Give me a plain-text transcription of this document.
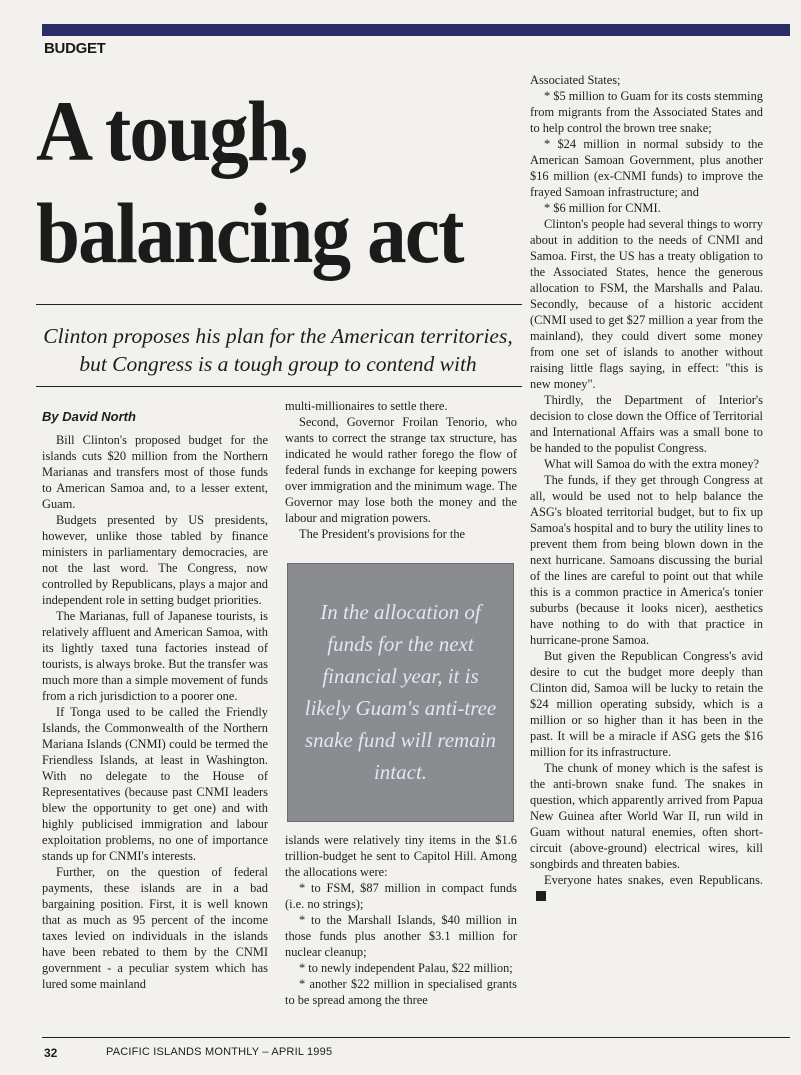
BUDGET
A tough, balancing act
Clinton proposes his plan for the American territories, but Congress is a tough group to contend with
By David North

Bill Clinton's proposed budget for the islands cuts $20 million from the Northern Marianas and transfers most of those funds to American Samoa and, to a lesser extent, Guam.

Budgets presented by US presidents, however, unlike those tabled by finance ministers in parliamentary democracies, are not the last word. The Congress, now controlled by Republicans, plays a major and independent role in setting budget priorities.

The Marianas, full of Japanese tourists, is relatively affluent and American Samoa, with its lightly taxed tuna factories instead of tourists, is always broke. But the transfer was much more than a simple movement of funds from a rich jurisdiction to a poorer one.

If Tonga used to be called the Friendly Islands, the Commonwealth of the Northern Mariana Islands (CNMI) could be termed the Friendless Islands, at least in Washington. With no delegate to the House of Representatives (because past CNMI leaders blew the opportunity to get one) and with highly publicised immigration and labour exploitation problems, no one of importance stands up for CNMI's interests.

Further, on the question of federal payments, these islands are in a bad bargaining position. First, it is well known that as much as 95 percent of the income taxes levied on individuals in the islands have been rebated to them by the CNMI government - a peculiar system which has lured some mainland

multi-millionaires to settle there.

Second, Governor Froilan Tenorio, who wants to correct the strange tax structure, has indicated he would rather forego the flow of federal funds in exchange for keeping powers over immigration and the minimum wage. The Governor may lose both the money and the labour and migration powers.

The President's provisions for the

In the allocation of funds for the next financial year, it is likely Guam's anti-tree snake fund will remain intact.

islands were relatively tiny items in the $1.6 trillion-budget he sent to Capitol Hill. Among the allocations were:

* to FSM, $87 million in compact funds (i.e. no strings);

* to the Marshall Islands, $40 million in those funds plus another $3.1 million for nuclear cleanup;

* to newly independent Palau, $22 million;

* another $22 million in specialised grants to be spread among the three

Associated States;

* $5 million to Guam for its costs stemming from migrants from the Associated States and to help control the brown tree snake;

* $24 million in normal subsidy to the American Samoan Government, plus another $16 million (ex-CNMI funds) to improve the frayed Samoan infrastructure; and

* $6 million for CNMI.

Clinton's people had several things to worry about in addition to the needs of CNMI and Samoa. First, the US has a treaty obligation to the Associated States, hence the generous allocation to FSM, the Marshalls and Palau. Secondly, because of a historic accident (CNMI used to get $27 million a year from the mainland), they could divert some money from one set of islands to another without raising little flags saying, in effect: "this is new money".

Thirdly, the Department of Interior's decision to close down the Office of Territorial and International Affairs was a small bone to be handed to the populist Congress.

What will Samoa do with the extra money?

The funds, if they get through Congress at all, would be used not to help balance the ASG's bloated territorial budget, but to fix up Samoa's hospital and to bury the utility lines to prevent them from being blown down in the next hurricane. Samoans discussing the burial of the lines are careful to point out that while this is a common practice in America's tonier suburbs (because it looks nicer), aesthetics have nothing to do with that practice in hurricane-prone Samoa.

But given the Republican Congress's avid desire to cut the budget more deeply than Clinton did, Samoa will be lucky to retain the $24 million operating subsidy, which is a million or so higher than it has been in the past. It will be a miracle if ASG gets the $16 million for its infrastructure.

The chunk of money which is the safest is the anti-brown snake fund. The snakes in question, which apparently arrived from Papua New Guinea after World War II, run wild in Guam without natural enemies, often short-circuit (above-ground) electrical wires, kill songbirds and threaten babies.

Everyone hates snakes, even Republicans.

32	PACIFIC ISLANDS MONTHLY – APRIL 1995
